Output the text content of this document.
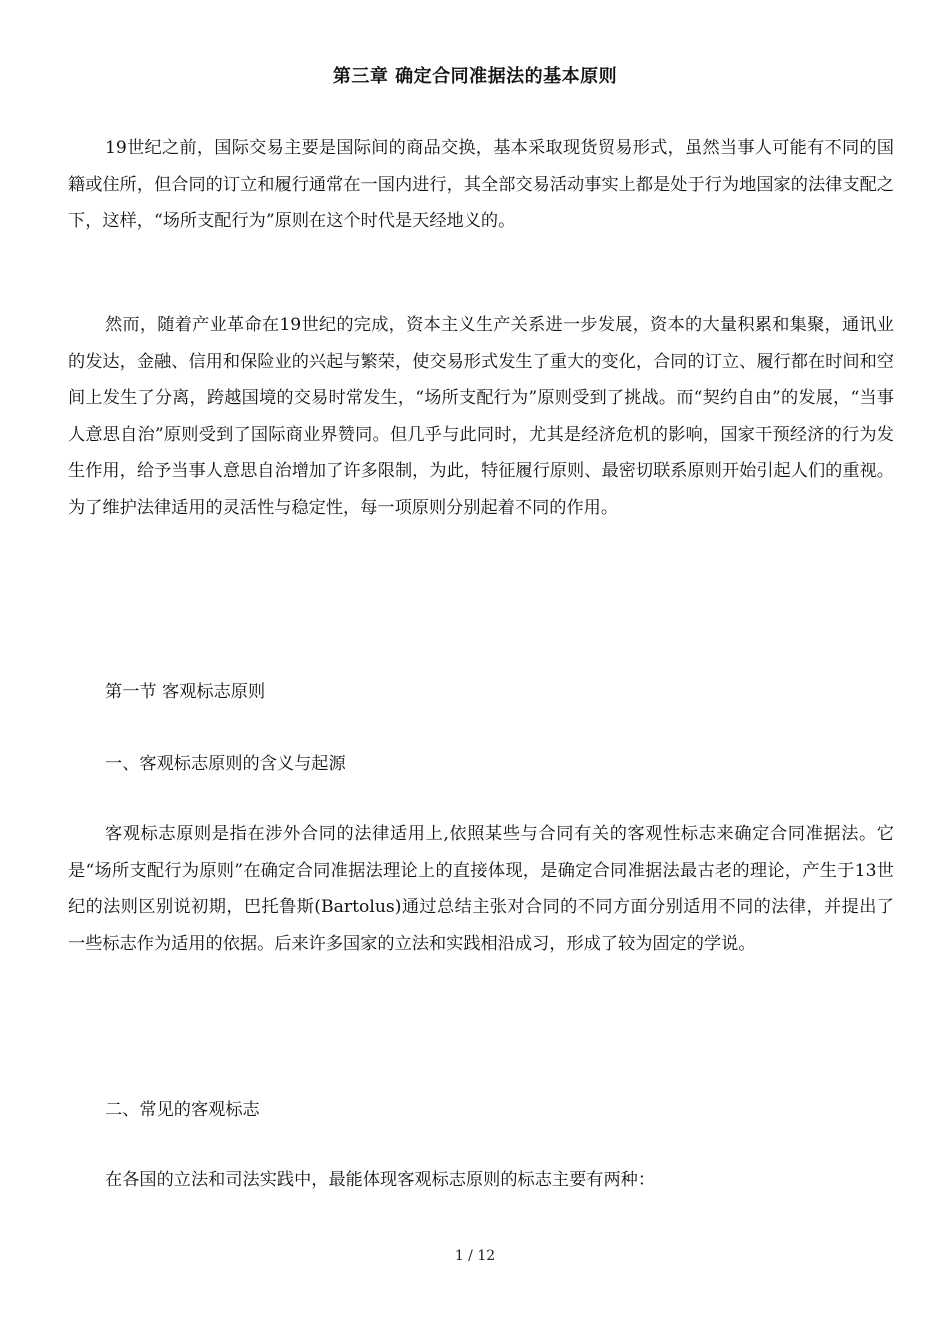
第三章 确定合同准据法的基本原则

19世纪之前，国际交易主要是国际间的商品交换，基本采取现货贸易形式，虽然当事人可能有不同的国籍或住所，但合同的订立和履行通常在一国内进行，其全部交易活动事实上都是处于行为地国家的法律支配之下，这样，“场所支配行为”原则在这个时代是天经地义的。

然而，随着产业革命在19世纪的完成，资本主义生产关系进一步发展，资本的大量积累和集聚，通讯业的发达，金融、信用和保险业的兴起与繁荣，使交易形式发生了重大的变化，合同的订立、履行都在时间和空间上发生了分离，跨越国境的交易时常发生，“场所支配行为”原则受到了挑战。而“契约自由”的发展，“当事人意思自治”原则受到了国际商业界赞同。但几乎与此同时，尤其是经济危机的影响，国家干预经济的行为发生作用，给予当事人意思自治增加了许多限制，为此，特征履行原则、最密切联系原则开始引起人们的重视。为了维护法律适用的灵活性与稳定性，每一项原则分别起着不同的作用。

第一节 客观标志原则

一、客观标志原则的含义与起源

客观标志原则是指在涉外合同的法律适用上,依照某些与合同有关的客观性标志来确定合同准据法。它是“场所支配行为原则”在确定合同准据法理论上的直接体现，是确定合同准据法最古老的理论，产生于13世纪的法则区别说初期，巴托鲁斯(Bartolus)通过总结主张对合同的不同方面分别适用不同的法律，并提出了一些标志作为适用的依据。后来许多国家的立法和实践相沿成习，形成了较为固定的学说。

二、常见的客观标志

在各国的立法和司法实践中，最能体现客观标志原则的标志主要有两种：

1 / 12
